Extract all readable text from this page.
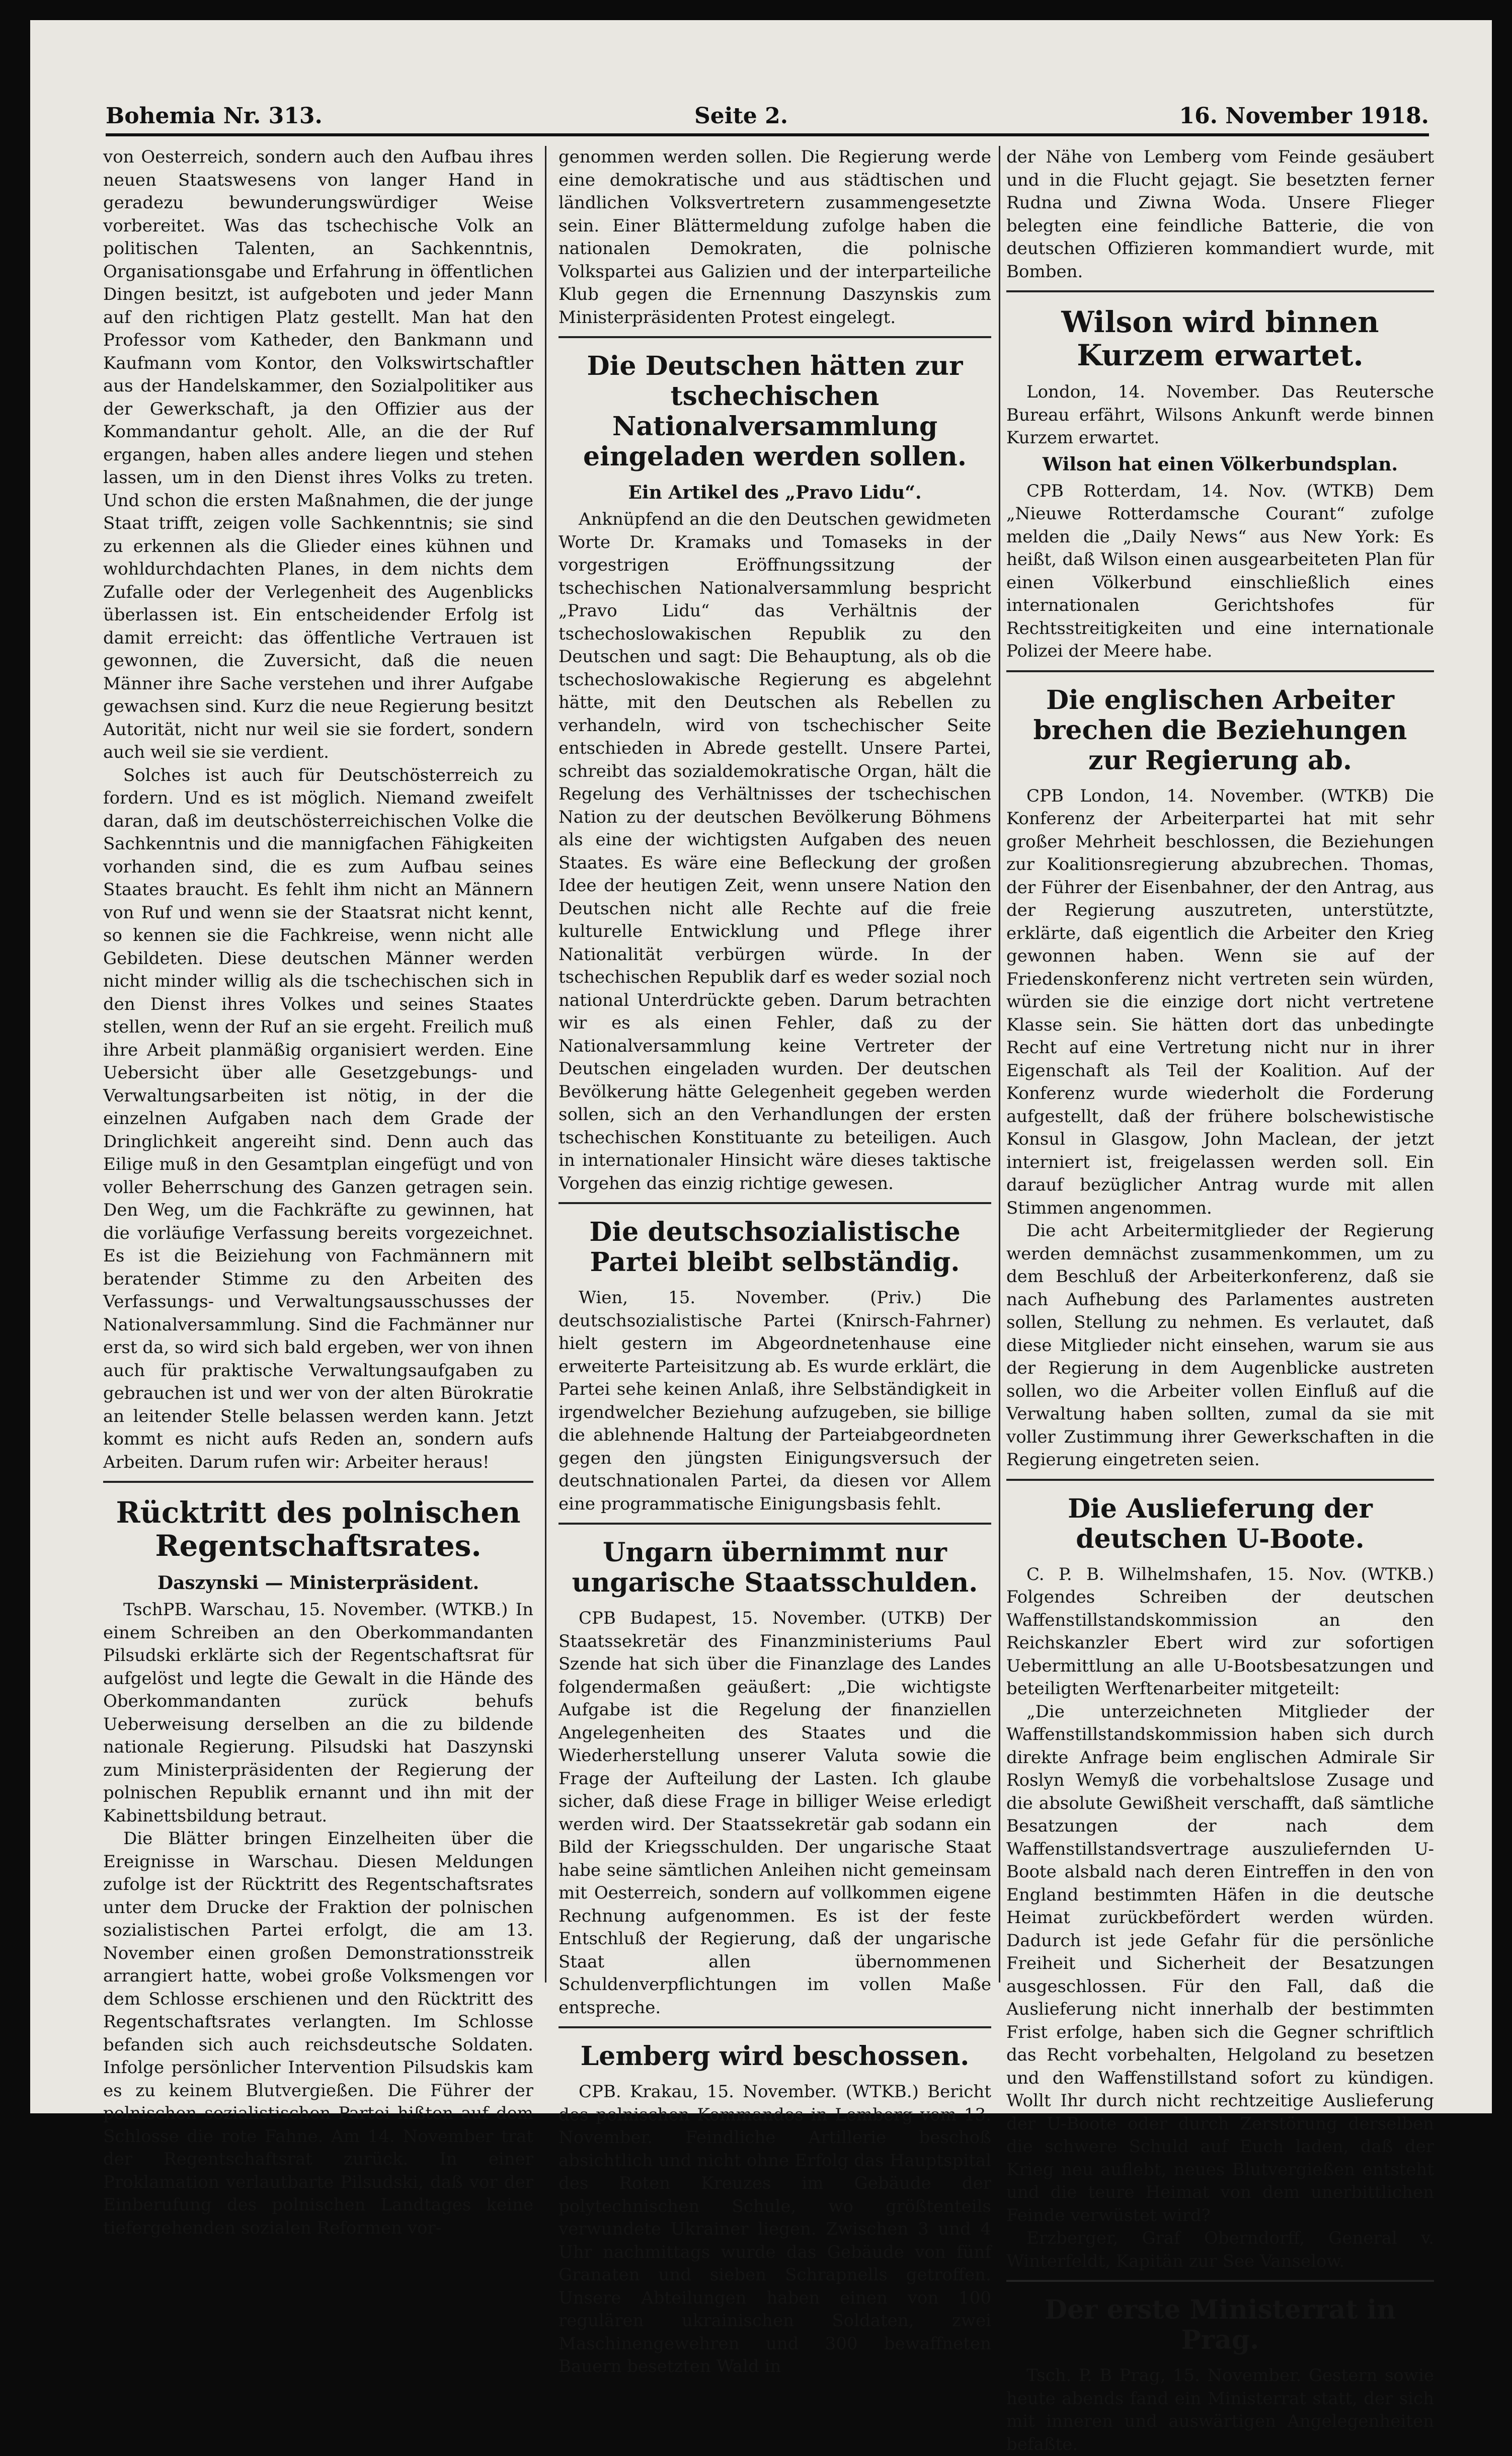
Bohemia Nr. 313.	Seite 2.	16. November 1918.

von Oesterreich, sondern auch den Aufbau ihres neuen Staatswesens von langer Hand in geradezu bewunderungswürdiger Weise vorbereitet. Was das tschechische Volk an politischen Talenten, an Sachkenntnis, Organisationsgabe und Erfahrung in öffentlichen Dingen besitzt, ist aufgeboten und jeder Mann auf den richtigen Platz gestellt. Man hat den Professor vom Katheder, den Bankmann und Kaufmann vom Kontor, den Volkswirtschaftler aus der Handelskammer, den Sozialpolitiker aus der Gewerkschaft, ja den Offizier aus der Kommandantur geholt. Alle, an die der Ruf ergangen, haben alles andere liegen und stehen lassen, um in den Dienst ihres Volks zu treten. Und schon die ersten Maßnahmen, die der junge Staat trifft, zeigen volle Sachkenntnis; sie sind zu erkennen als die Glieder eines kühnen und wohldurchdachten Planes, in dem nichts dem Zufalle oder der Verlegenheit des Augenblicks überlassen ist. Ein entscheidender Erfolg ist damit erreicht: das öffentliche Vertrauen ist gewonnen, die Zuversicht, daß die neuen Männer ihre Sache verstehen und ihrer Aufgabe gewachsen sind. Kurz die neue Regierung besitzt Autorität, nicht nur weil sie sie fordert, sondern auch weil sie sie verdient.

Solches ist auch für Deutschösterreich zu fordern. Und es ist möglich. Niemand zweifelt daran, daß im deutschösterreichischen Volke die Sachkenntnis und die mannigfachen Fähigkeiten vorhanden sind, die es zum Aufbau seines Staates braucht. Es fehlt ihm nicht an Männern von Ruf und wenn sie der Staatsrat nicht kennt, so kennen sie die Fachkreise, wenn nicht alle Gebildeten. Diese deutschen Männer werden nicht minder willig als die tschechischen sich in den Dienst ihres Volkes und seines Staates stellen, wenn der Ruf an sie ergeht. Freilich muß ihre Arbeit planmäßig organisiert werden. Eine Uebersicht über alle Gesetzgebungs- und Verwaltungsarbeiten ist nötig, in der die einzelnen Aufgaben nach dem Grade der Dringlichkeit angereiht sind. Denn auch das Eilige muß in den Gesamtplan eingefügt und von voller Beherrschung des Ganzen getragen sein. Den Weg, um die Fachkräfte zu gewinnen, hat die vorläufige Verfassung bereits vorgezeichnet. Es ist die Beiziehung von Fachmännern mit beratender Stimme zu den Arbeiten des Verfassungs- und Verwaltungsausschusses der Nationalversammlung. Sind die Fachmänner nur erst da, so wird sich bald ergeben, wer von ihnen auch für praktische Verwaltungsaufgaben zu gebrauchen ist und wer von der alten Bürokratie an leitender Stelle belassen werden kann. Jetzt kommt es nicht aufs Reden an, sondern aufs Arbeiten. Darum rufen wir: Arbeiter heraus!

Rücktritt des polnischen Regentschaftsrates.
Daszynski — Ministerpräsident.

TschPB. Warschau, 15. November. (WTKB.) In einem Schreiben an den Oberkommandanten Pilsudski erklärte sich der Regentschaftsrat für aufgelöst und legte die Gewalt in die Hände des Oberkommandanten zurück behufs Ueberweisung derselben an die zu bildende nationale Regierung. Pilsudski hat Daszynski zum Ministerpräsidenten der Regierung der polnischen Republik ernannt und ihn mit der Kabinettsbildung betraut.

Die Blätter bringen Einzelheiten über die Ereignisse in Warschau. Diesen Meldungen zufolge ist der Rücktritt des Regentschaftsrates unter dem Drucke der Fraktion der polnischen sozialistischen Partei erfolgt, die am 13. November einen großen Demonstrationsstreik arrangiert hatte, wobei große Volksmengen vor dem Schlosse erschienen und den Rücktritt des Regentschaftsrates verlangten. Im Schlosse befanden sich auch reichsdeutsche Soldaten. Infolge persönlicher Intervention Pilsudskis kam es zu keinem Blutvergießen. Die Führer der polnischen sozialistischen Partei hißten auf dem Schlosse die rote Fahne. Am 14. November trat der Regentschaftsrat zurück. In einer Proklamation verlautbarte Pilsudski, daß vor der Einberufung des polnischen Landtages keine tiefergehenden sozialen Reformen vor-

genommen werden sollen. Die Regierung werde eine demokratische und aus städtischen und ländlichen Volksvertretern zusammengesetzte sein. Einer Blättermeldung zufolge haben die nationalen Demokraten, die polnische Volkspartei aus Galizien und der interparteiliche Klub gegen die Ernennung Daszynskis zum Ministerpräsidenten Protest eingelegt.

Die Deutschen hätten zur tschechischen Nationalversammlung eingeladen werden sollen.
Ein Artikel des „Pravo Lidu“.

Anknüpfend an die den Deutschen gewidmeten Worte Dr. Kramaks und Tomaseks in der vorgestrigen Eröffnungssitzung der tschechischen Nationalversammlung bespricht „Pravo Lidu“ das Verhältnis der tschechoslowakischen Republik zu den Deutschen und sagt: Die Behauptung, als ob die tschechoslowakische Regierung es abgelehnt hätte, mit den Deutschen als Rebellen zu verhandeln, wird von tschechischer Seite entschieden in Abrede gestellt. Unsere Partei, schreibt das sozialdemokratische Organ, hält die Regelung des Verhältnisses der tschechischen Nation zu der deutschen Bevölkerung Böhmens als eine der wichtigsten Aufgaben des neuen Staates. Es wäre eine Befleckung der großen Idee der heutigen Zeit, wenn unsere Nation den Deutschen nicht alle Rechte auf die freie kulturelle Entwicklung und Pflege ihrer Nationalität verbürgen würde. In der tschechischen Republik darf es weder sozial noch national Unterdrückte geben. Darum betrachten wir es als einen Fehler, daß zu der Nationalversammlung keine Vertreter der Deutschen eingeladen wurden. Der deutschen Bevölkerung hätte Gelegenheit gegeben werden sollen, sich an den Verhandlungen der ersten tschechischen Konstituante zu beteiligen. Auch in internationaler Hinsicht wäre dieses taktische Vorgehen das einzig richtige gewesen.

Die deutschsozialistische Partei bleibt selbständig.

Wien, 15. November. (Priv.) Die deutschsozialistische Partei (Knirsch-Fahrner) hielt gestern im Abgeordnetenhause eine erweiterte Parteisitzung ab. Es wurde erklärt, die Partei sehe keinen Anlaß, ihre Selbständigkeit in irgendwelcher Beziehung aufzugeben, sie billige die ablehnende Haltung der Parteiabgeordneten gegen den jüngsten Einigungsversuch der deutschnationalen Partei, da diesen vor Allem eine programmatische Einigungsbasis fehlt.

Ungarn übernimmt nur ungarische Staatsschulden.

CPB Budapest, 15. November. (UTKB) Der Staatssekretär des Finanzministeriums Paul Szende hat sich über die Finanzlage des Landes folgendermaßen geäußert: „Die wichtigste Aufgabe ist die Regelung der finanziellen Angelegenheiten des Staates und die Wiederherstellung unserer Valuta sowie die Frage der Aufteilung der Lasten. Ich glaube sicher, daß diese Frage in billiger Weise erledigt werden wird. Der Staatssekretär gab sodann ein Bild der Kriegsschulden. Der ungarische Staat habe seine sämtlichen Anleihen nicht gemeinsam mit Oesterreich, sondern auf vollkommen eigene Rechnung aufgenommen. Es ist der feste Entschluß der Regierung, daß der ungarische Staat allen übernommenen Schuldenverpflichtungen im vollen Maße entspreche.

Lemberg wird beschossen.

CPB. Krakau, 15. November. (WTKB.) Bericht des polnischen Kommandos in Lemberg vom 13. November. Feindliche Artillerie beschoß absichtlich und nicht ohne Erfolg das Hauptspital des Roten Kreuzes im Gebäude der polytechnischen Schule, wo größtenteils verwundete Ukrainer liegen. Zwischen 3 und 4 Uhr nachmittags wurde das Gebäude von fünf Granaten und sieben Schrapnells getroffen. Unsere Abteilungen haben einen von 100 regulären ukrainischen Soldaten, zwei Maschinengewehren und 300 bewaffneten Bauern besetzten Wald in

der Nähe von Lemberg vom Feinde gesäubert und in die Flucht gejagt. Sie besetzten ferner Rudna und Ziwna Woda. Unsere Flieger belegten eine feindliche Batterie, die von deutschen Offizieren kommandiert wurde, mit Bomben.

Wilson wird binnen Kurzem erwartet.

London, 14. November. Das Reutersche Bureau erfährt, Wilsons Ankunft werde binnen Kurzem erwartet.

Wilson hat einen Völkerbundsplan.

CPB Rotterdam, 14. Nov. (WTKB) Dem „Nieuwe Rotterdamsche Courant“ zufolge melden die „Daily News“ aus New York: Es heißt, daß Wilson einen ausgearbeiteten Plan für einen Völkerbund einschließlich eines internationalen Gerichtshofes für Rechtsstreitigkeiten und eine internationale Polizei der Meere habe.

Die englischen Arbeiter brechen die Beziehungen zur Regierung ab.

CPB London, 14. November. (WTKB) Die Konferenz der Arbeiterpartei hat mit sehr großer Mehrheit beschlossen, die Beziehungen zur Koalitionsregierung abzubrechen. Thomas, der Führer der Eisenbahner, der den Antrag, aus der Regierung auszutreten, unterstützte, erklärte, daß eigentlich die Arbeiter den Krieg gewonnen haben. Wenn sie auf der Friedenskonferenz nicht vertreten sein würden, würden sie die einzige dort nicht vertretene Klasse sein. Sie hätten dort das unbedingte Recht auf eine Vertretung nicht nur in ihrer Eigenschaft als Teil der Koalition. Auf der Konferenz wurde wiederholt die Forderung aufgestellt, daß der frühere bolschewistische Konsul in Glasgow, John Maclean, der jetzt interniert ist, freigelassen werden soll. Ein darauf bezüglicher Antrag wurde mit allen Stimmen angenommen.

Die acht Arbeitermitglieder der Regierung werden demnächst zusammenkommen, um zu dem Beschluß der Arbeiterkonferenz, daß sie nach Aufhebung des Parlamentes austreten sollen, Stellung zu nehmen. Es verlautet, daß diese Mitglieder nicht einsehen, warum sie aus der Regierung in dem Augenblicke austreten sollen, wo die Arbeiter vollen Einfluß auf die Verwaltung haben sollten, zumal da sie mit voller Zustimmung ihrer Gewerkschaften in die Regierung eingetreten seien.

Die Auslieferung der deutschen U-Boote.

C. P. B. Wilhelmshafen, 15. Nov. (WTKB.) Folgendes Schreiben der deutschen Waffenstillstandskommission an den Reichskanzler Ebert wird zur sofortigen Uebermittlung an alle U-Bootsbesatzungen und beteiligten Werftenarbeiter mitgeteilt:

„Die unterzeichneten Mitglieder der Waffenstillstandskommission haben sich durch direkte Anfrage beim englischen Admirale Sir Roslyn Wemyß die vorbehaltslose Zusage und die absolute Gewißheit verschafft, daß sämtliche Besatzungen der nach dem Waffenstillstandsvertrage auszuliefernden U-Boote alsbald nach deren Eintreffen in den von England bestimmten Häfen in die deutsche Heimat zurückbefördert werden würden. Dadurch ist jede Gefahr für die persönliche Freiheit und Sicherheit der Besatzungen ausgeschlossen. Für den Fall, daß die Auslieferung nicht innerhalb der bestimmten Frist erfolge, haben sich die Gegner schriftlich das Recht vorbehalten, Helgoland zu besetzen und den Waffenstillstand sofort zu kündigen. Wollt Ihr durch nicht rechtzeitige Auslieferung der U-Boote oder durch Zerstörung derselben die schwere Schuld auf Euch laden, daß der Krieg neu auflebt, neues Blutvergießen entsteht und die teure Heimat von dem unerbittlichen Feinde verwüstet wird?

Erzberger, Graf Oberndorff, General v. Winterfeldt, Kapitän zur See Vanselow.

Der erste Ministerrat in Prag.

Tsch. P. B Prag, 15. November. Gestern sowie heute abends fand ein Ministerrat statt, der sich mit inneren und auswärtigen Angelegenheiten befaßte.
